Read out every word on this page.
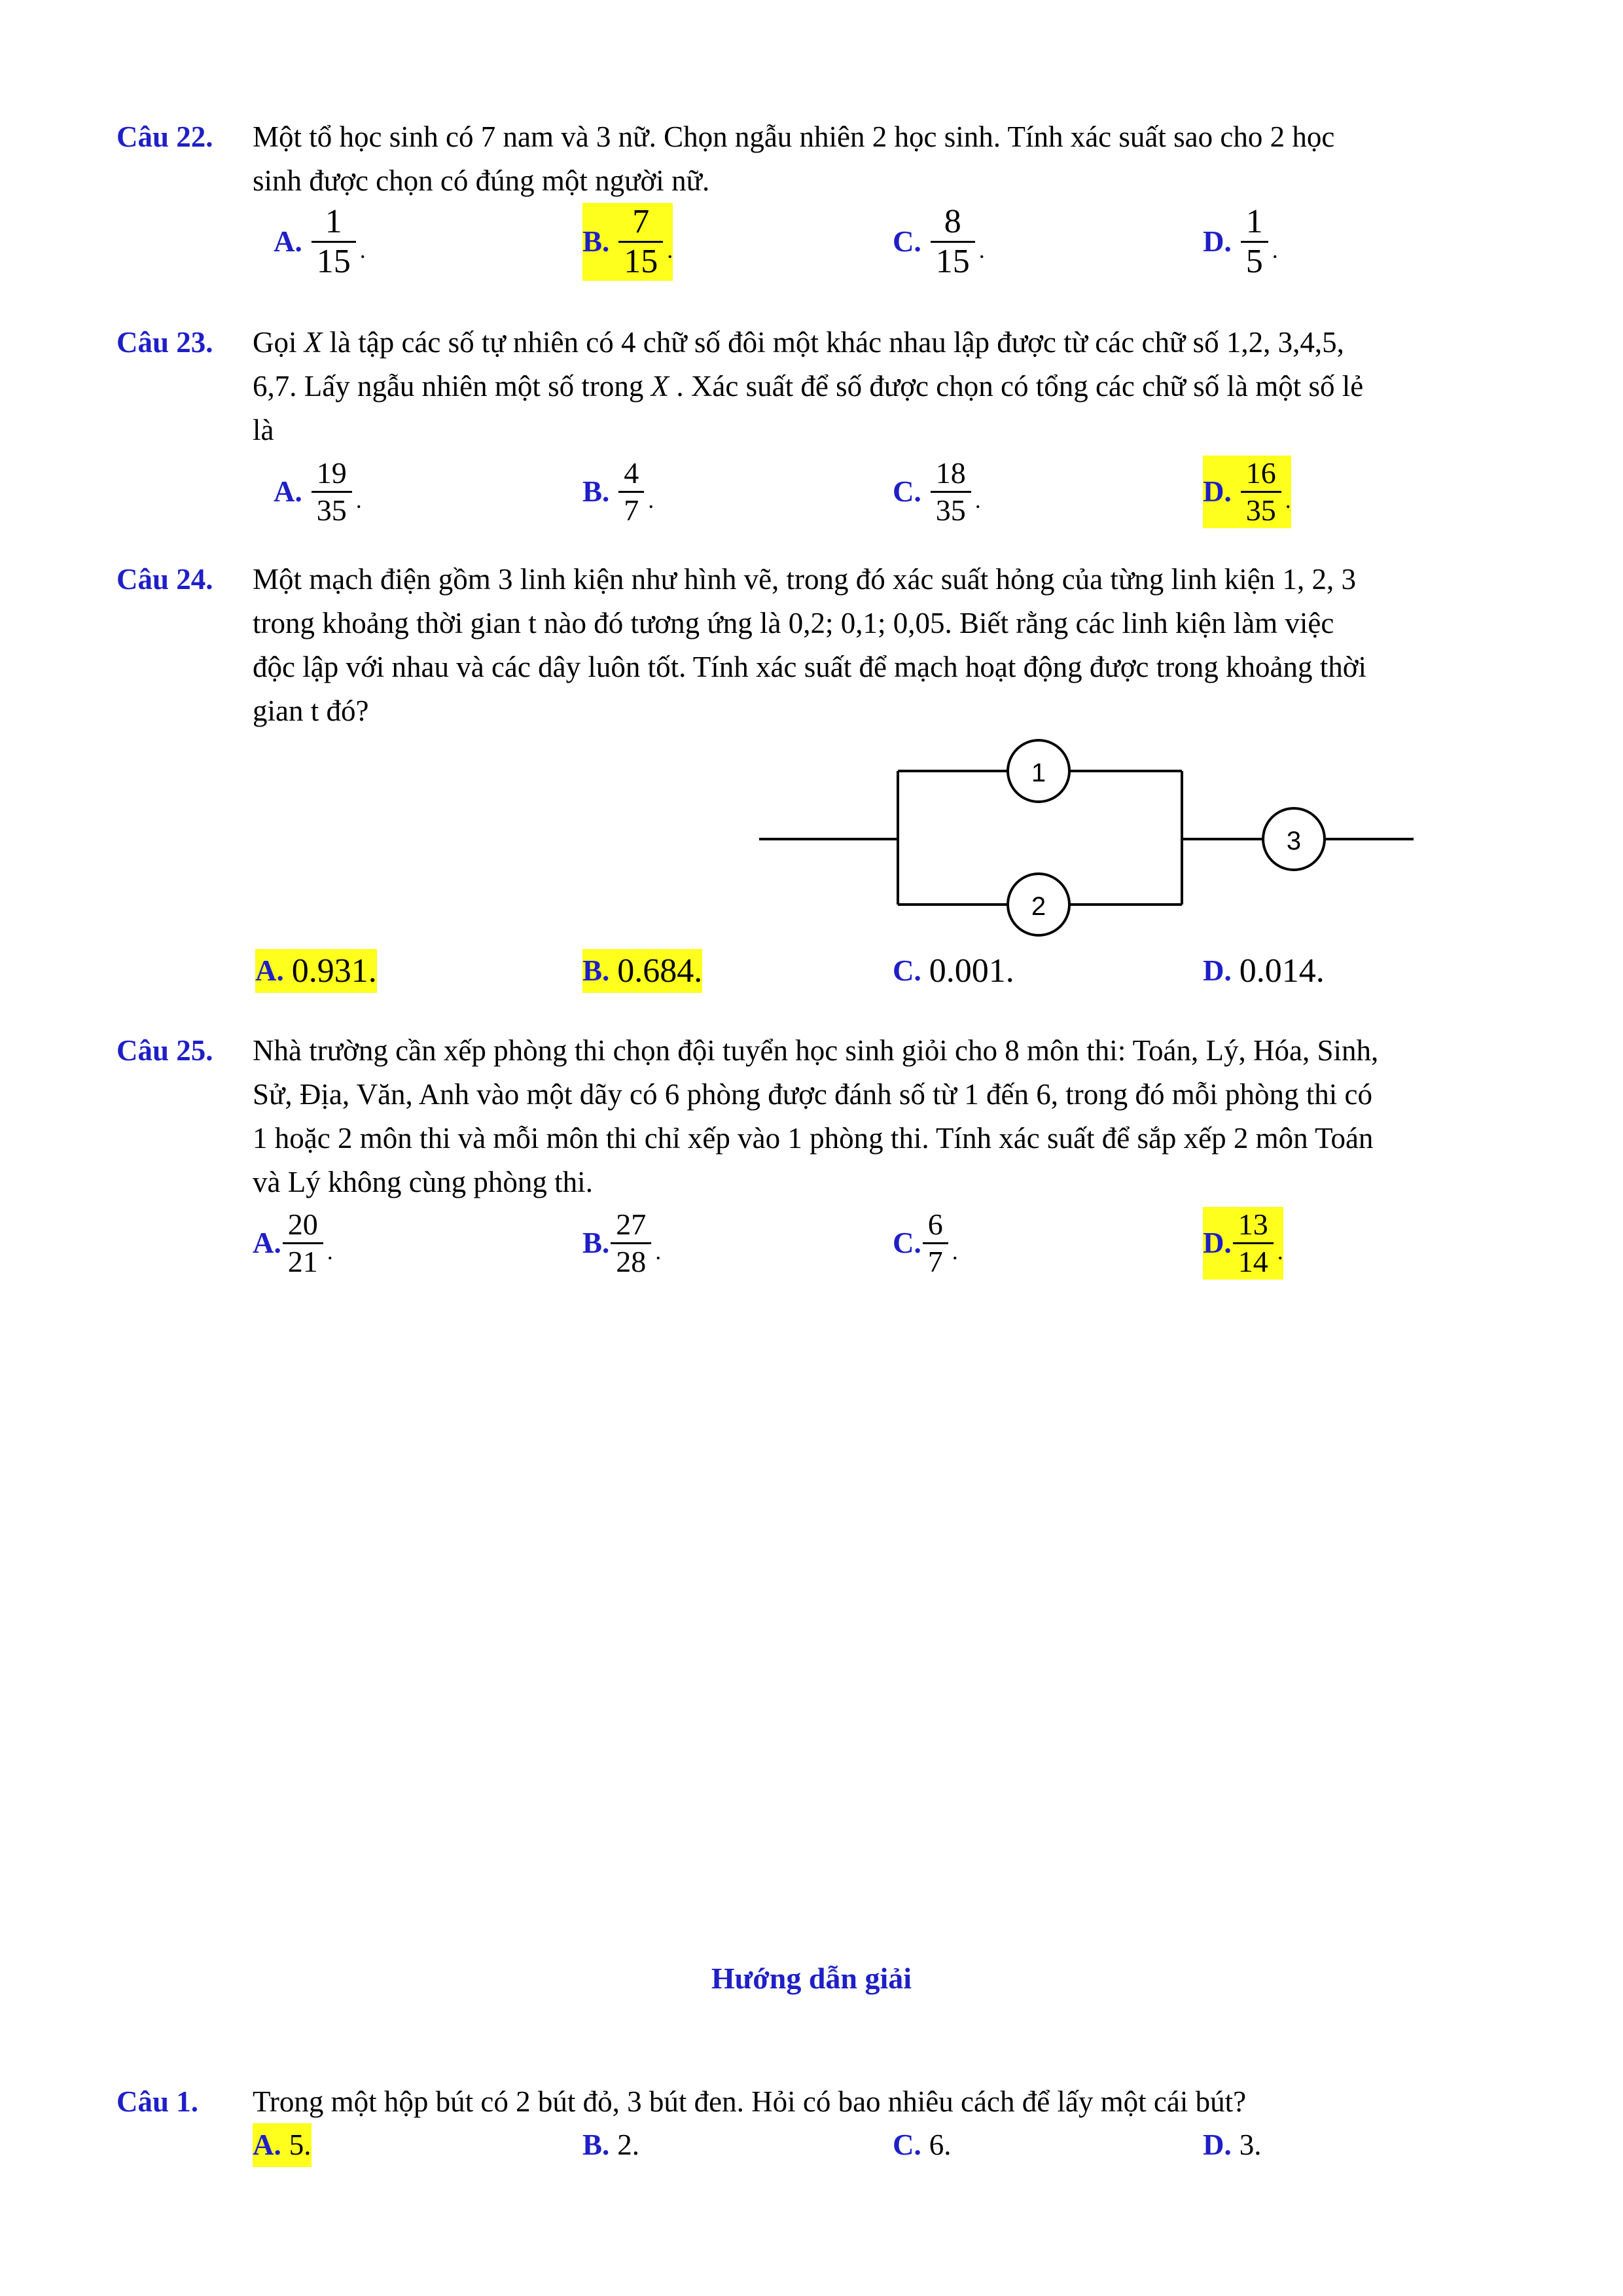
Câu 22. Một tổ học sinh có 7 nam và 3 nữ. Chọn ngẫu nhiên 2 học sinh. Tính xác suất sao cho 2 học

sinh được chọn có đúng một người nữ.

A. $\frac{1}{15}$ .	B. $\frac{7}{15}$ .	C. $\frac{8}{15}$ .	D. $\frac{1}{5}$ .
Câu 23. Gọi X là tập các số tự nhiên có 4 chữ số đôi một khác nhau lập được từ các chữ số 1,2, 3,4,5,

6,7. Lấy ngẫu nhiên một số trong X . Xác suất để số được chọn có tổng các chữ số là một số lẻ

là

A. $\frac{19}{35}$ .	B. $\frac{4}{7}$ .	C. $\frac{18}{35}$ .	D. $\frac{16}{35}$ .
Câu 24. Một mạch điện gồm 3 linh kiện như hình vẽ, trong đó xác suất hỏng của từng linh kiện 1, 2, 3

trong khoảng thời gian t nào đó tương ứng là 0,2; 0,1; 0,05. Biết rằng các linh kiện làm việc

độc lập với nhau và các dây luôn tốt. Tính xác suất để mạch hoạt động được trong khoảng thời

gian t đó?

1
2
3
A. 0.931 .	B. 0.684 .	C. 0.001 .	D. 0.014 .
Câu 25. Nhà trường cần xếp phòng thi chọn đội tuyển học sinh giỏi cho 8 môn thi: Toán, Lý, Hóa, Sinh,

Sử, Địa, Văn, Anh vào một dãy có 6 phòng được đánh số từ 1 đến 6, trong đó mỗi phòng thi có

1 hoặc 2 môn thi và mỗi môn thi chỉ xếp vào 1 phòng thi. Tính xác suất để sắp xếp 2 môn Toán

và Lý không cùng phòng thi.

A. $\frac{20}{21}$ .	B. $\frac{27}{28}$ .	C. $\frac{6}{7}$ .	D. $\frac{13}{14}$ .
Hướng dẫn giải
Câu 1. Trong một hộp bút có 2 bút đỏ, 3 bút đen. Hỏi có bao nhiêu cách để lấy một cái bút?

A. 5 .	B. 2 .	C. 6 .	D. 3 .
